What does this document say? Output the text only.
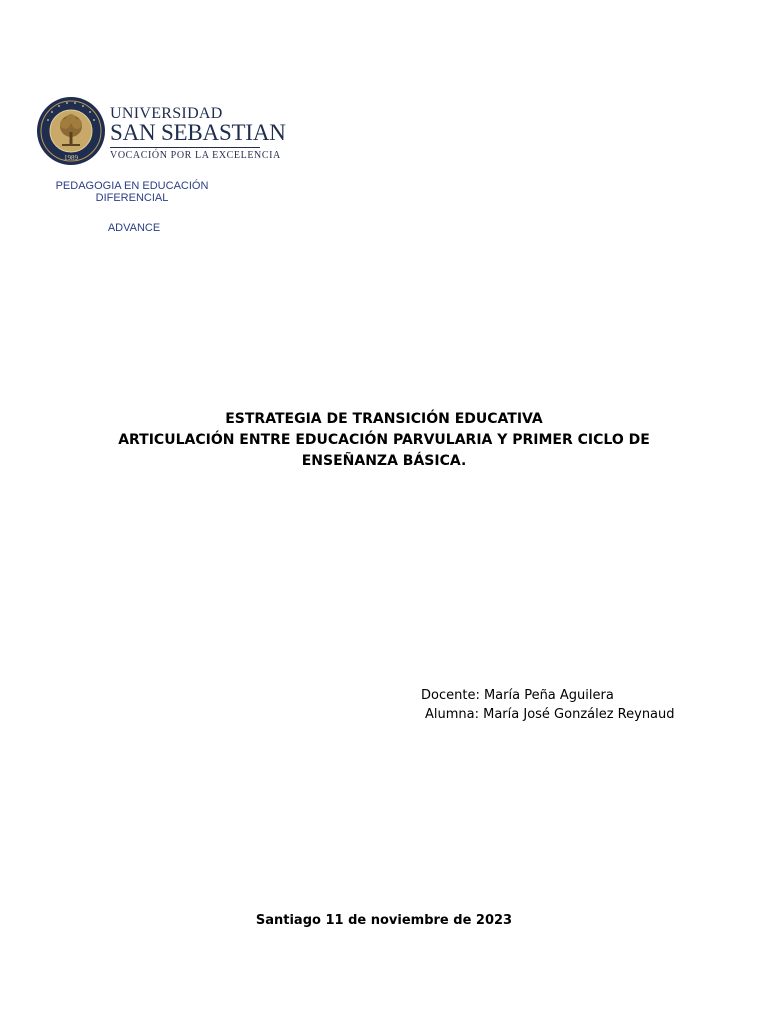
1989
UNIVERSIDAD
SAN SEBASTIAN
VOCACIÓN POR LA EXCELENCIA
PEDAGOGIA EN EDUCACIÓN
DIFERENCIAL
ADVANCE
ESTRATEGIA DE TRANSICIÓN EDUCATIVA
ARTICULACIÓN ENTRE EDUCACIÓN PARVULARIA Y PRIMER CICLO DE
ENSEÑANZA BÁSICA.
Docente: María Peña Aguilera
Alumna: María José González Reynaud
Santiago 11 de noviembre de 2023
